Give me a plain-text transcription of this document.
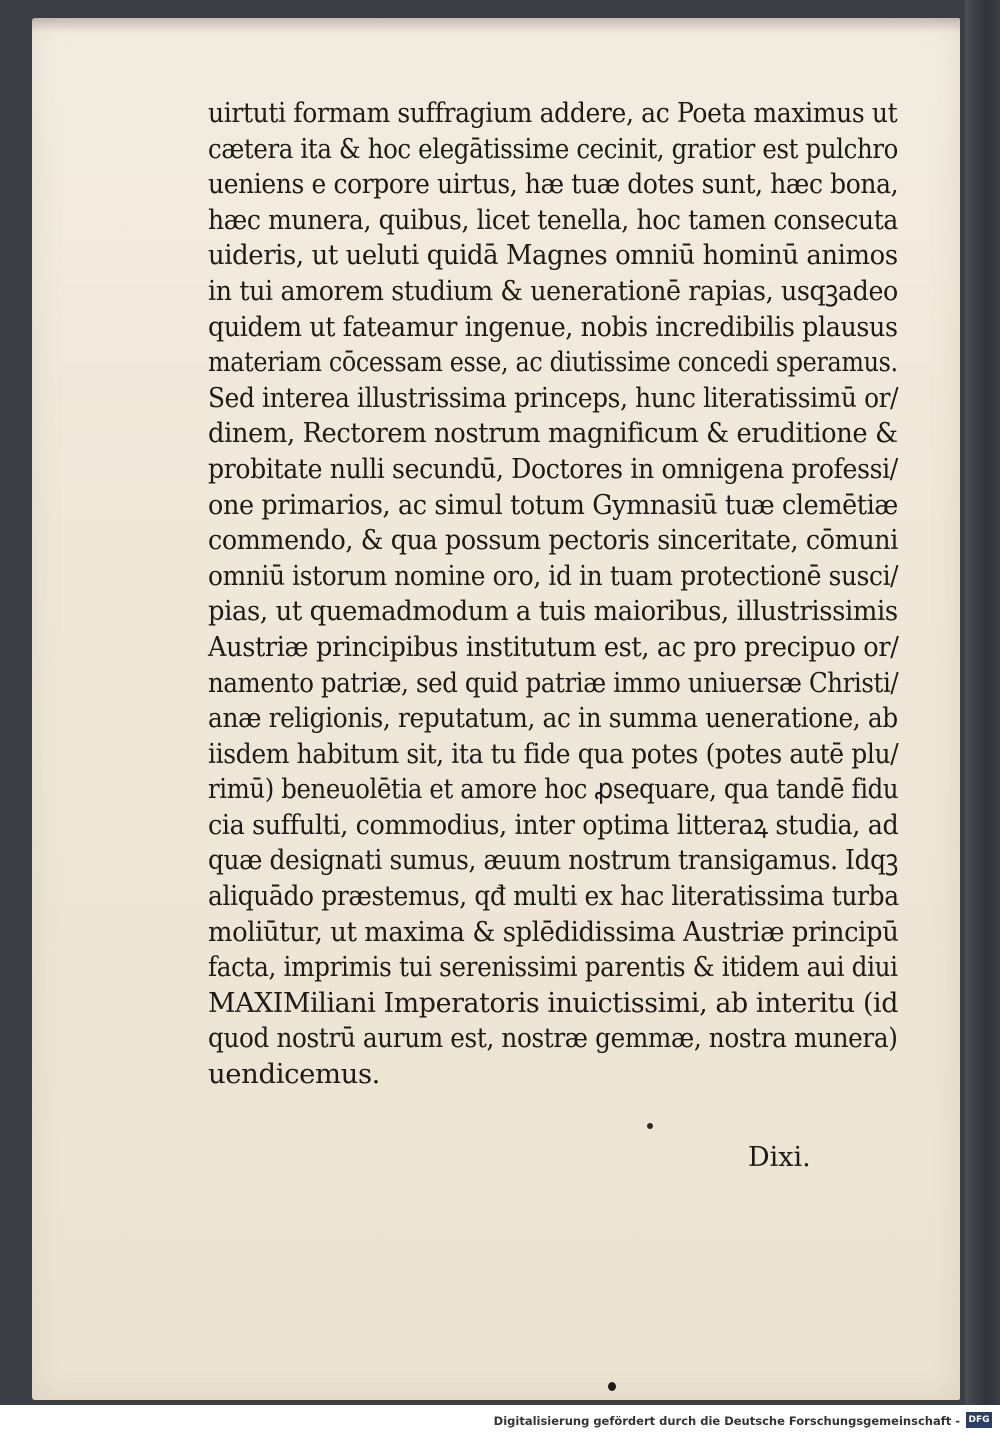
uirtuti formam suffragium addere, ac Poeta maximus ut
cætera ita & hoc elegātissime cecinit, gratior est pulchro
ueniens e corpore uirtus, hæ tuæ dotes sunt, hæc bona,
hæc munera, quibus, licet tenella, hoc tamen consecuta
uideris, ut ueluti quidā Magnes omniū hominū animos
in tui amorem studium & uenerationē rapias, usqꝫadeo
quidem ut fateamur ingenue, nobis incredibilis plausus
materiam cōcessam esse, ac diutissime concedi speramus.
Sed interea illustrissima princeps, hunc literatissimū or/
dinem, Rectorem nostrum magnificum & eruditione &
probitate nulli secundū, Doctores in omnigena professi/
one primarios, ac simul totum Gymnasiū tuæ clemētiæ
commendo, & qua possum pectoris sinceritate, cōmuni
omniū istorum nomine oro, id in tuam protectionē susci/
pias, ut quemadmodum a tuis maioribus, illustrissimis
Austriæ principibus institutum est, ac pro precipuo or/
namento patriæ, sed quid patriæ immo uniuersæ Christi/
anæ religionis, reputatum, ac in summa ueneratione, ab
iisdem habitum sit, ita tu fide qua potes (potes autē plu/
rimū) beneuolētia et amore hoc ꝓsequare, qua tandē fidu
cia suffulti, commodius, inter optima litteraꝝ studia, ad
quæ designati sumus, æuum nostrum transigamus. Idqꝫ
aliquādo præstemus, qđ multi ex hac literatissima turba
moliūtur, ut maxima & splēdidissima Austriæ principū
facta, imprimis tui serenissimi parentis & itidem aui diui
MAXIMiliani Imperatoris inuictissimi, ab interitu (id
quod nostrū aurum est, nostræ gemmæ, nostra munera)
uendicemus.
Dixi.
Digitalisierung gefördert durch die Deutsche Forschungsgemeinschaft - DFG
